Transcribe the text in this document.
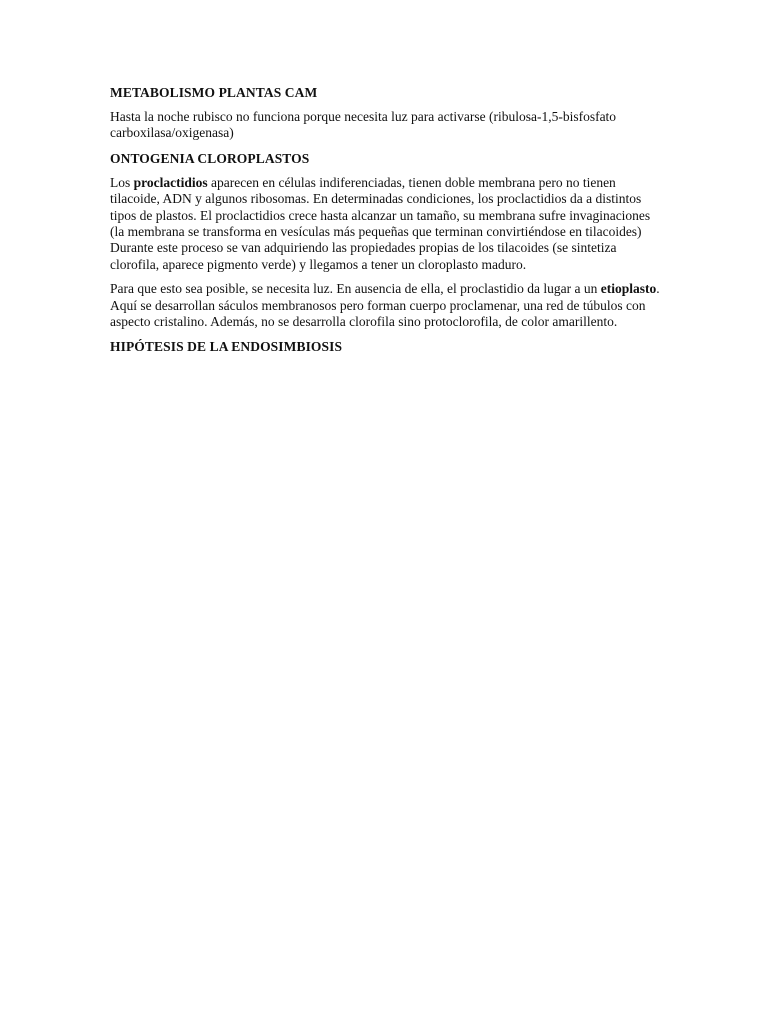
METABOLISMO PLANTAS CAM

Hasta la noche rubisco no funciona porque necesita luz para activarse (ribulosa-1,5-bisfosfato carboxilasa/oxigenasa)

ONTOGENIA CLOROPLASTOS

Los proclactidios aparecen en células indiferenciadas, tienen doble membrana pero no tienen tilacoide, ADN y algunos ribosomas. En determinadas condiciones, los proclactidios da a distintos tipos de plastos. El proclactidios crece hasta alcanzar un tamaño, su membrana sufre invaginaciones (la membrana se transforma en vesículas más pequeñas que terminan convirtiéndose en tilacoides) Durante este proceso se van adquiriendo las propiedades propias de los tilacoides (se sintetiza clorofila, aparece pigmento verde) y llegamos a tener un cloroplasto maduro.

Para que esto sea posible, se necesita luz. En ausencia de ella, el proclastidio da lugar a un etioplasto. Aquí se desarrollan sáculos membranosos pero forman cuerpo proclamenar, una red de túbulos con aspecto cristalino. Además, no se desarrolla clorofila sino protoclorofila, de color amarillento.

HIPÓTESIS DE LA ENDOSIMBIOSIS
